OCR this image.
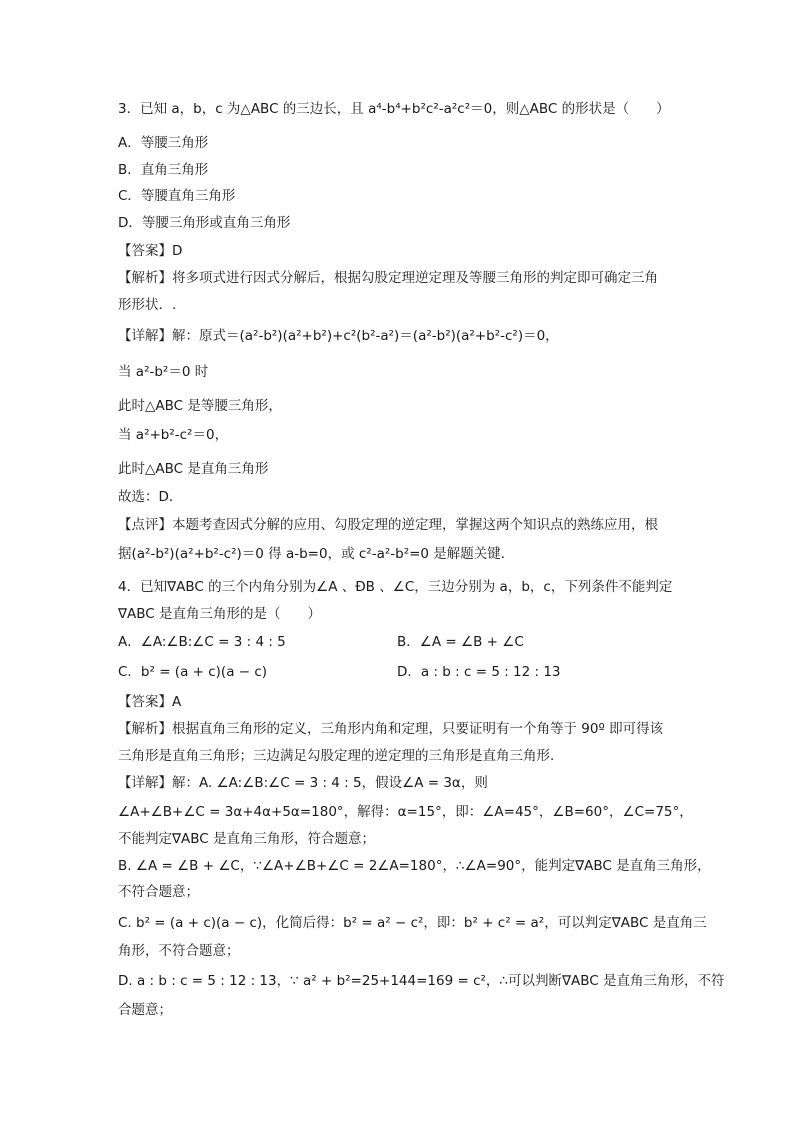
3．已知 a，b，c 为△ABC 的三边长，且 a⁴-b⁴+b²c²-a²c²＝0，则△ABC 的形状是（　　）
A．等腰三角形
B．直角三角形
C．等腰直角三角形
D．等腰三角形或直角三角形
【答案】D
【解析】将多项式进行因式分解后，根据勾股定理逆定理及等腰三角形的判定即可确定三角
形形状．.
【详解】解：原式＝(a²-b²)(a²+b²)+c²(b²-a²)＝(a²-b²)(a²+b²-c²)＝0，
当 a²-b²＝0 时
此时△ABC 是等腰三角形，
当 a²+b²-c²＝0，
此时△ABC 是直角三角形
故选：D．
【点评】本题考查因式分解的应用、勾股定理的逆定理，掌握这两个知识点的熟练应用，根
据(a²-b²)(a²+b²-c²)＝0 得 a-b=0，或 c²-a²-b²=0 是解题关键．
4．已知∇ABC 的三个内角分别为∠A 、ÐB 、∠C，三边分别为 a，b，c，下列条件不能判定
∇ABC 是直角三角形的是（　　）
A．∠A:∠B:∠C = 3 : 4 : 5	B．∠A = ∠B + ∠C
C．b² = (a + c)(a − c)	D．a : b : c = 5 : 12 : 13
【答案】A
【解析】根据直角三角形的定义，三角形内角和定理，只要证明有一个角等于 90º 即可得该
三角形是直角三角形；三边满足勾股定理的逆定理的三角形是直角三角形．
【详解】解：A. ∠A:∠B:∠C = 3 : 4 : 5，假设∠A = 3α，则
∠A+∠B+∠C = 3α+4α+5α=180°，解得：α=15°，即：∠A=45°，∠B=60°，∠C=75°，
不能判定∇ABC 是直角三角形，符合题意；
B. ∠A = ∠B + ∠C，∵∠A+∠B+∠C = 2∠A=180°，∴∠A=90°，能判定∇ABC 是直角三角形，
不符合题意；
C. b² = (a + c)(a − c)，化简后得：b² = a² − c²，即：b² + c² = a²，可以判定∇ABC 是直角三
角形，不符合题意；
D. a : b : c = 5 : 12 : 13，∵ a² + b²=25+144=169 = c²，∴可以判断∇ABC 是直角三角形，不符
合题意；
